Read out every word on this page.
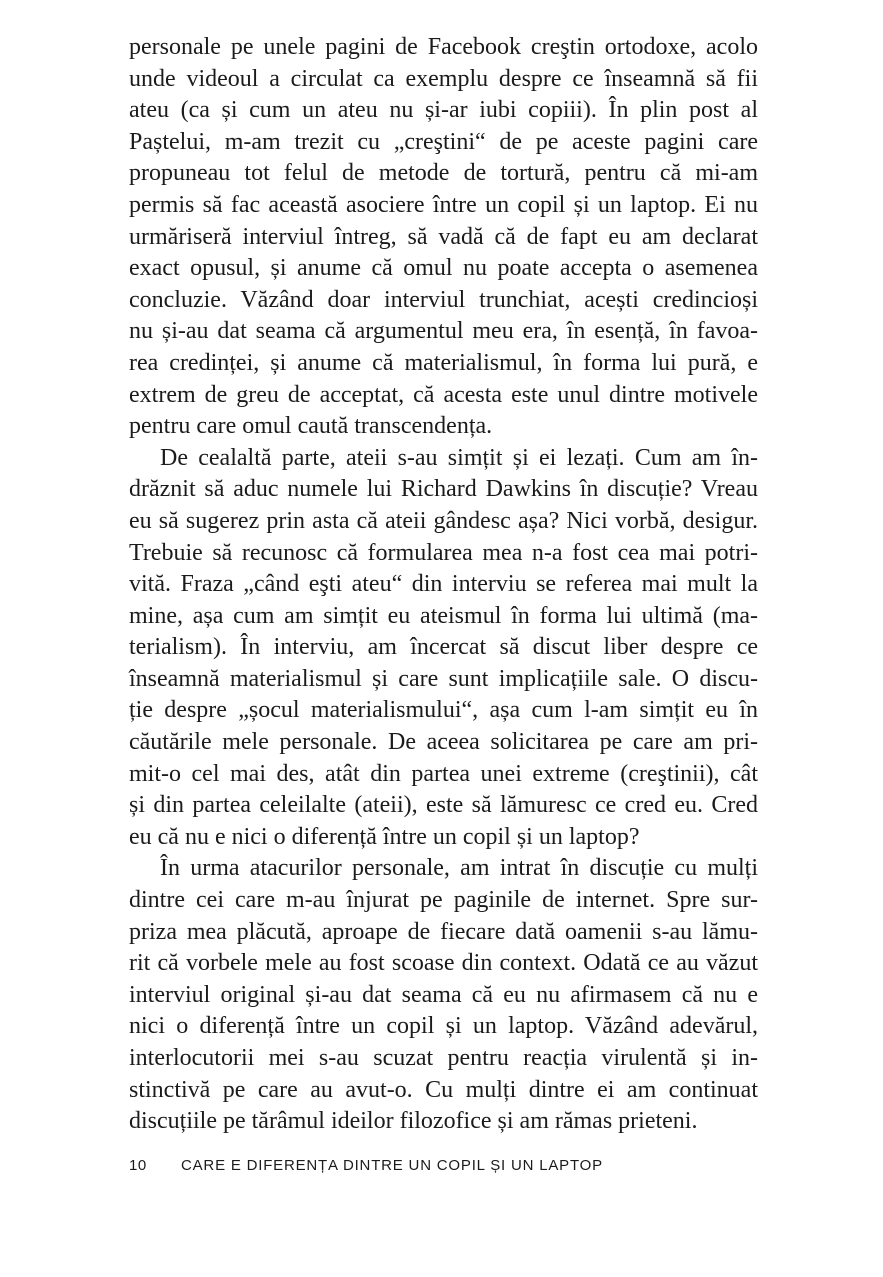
personale pe unele pagini de Facebook creştin ortodoxe, acolo
unde videoul a circulat ca exemplu despre ce înseamnă să fii
ateu (ca și cum un ateu nu și-ar iubi copiii). În plin post al
Paștelui, m-am trezit cu „creştini“ de pe aceste pagini care
propuneau tot felul de metode de tortură, pentru că mi-am
permis să fac această asociere între un copil și un laptop. Ei nu
urmăriseră interviul întreg, să vadă că de fapt eu am declarat
exact opusul, și anume că omul nu poate accepta o asemenea
concluzie. Văzând doar interviul trunchiat, acești credincioși
nu și-au dat seama că argumentul meu era, în esență, în favoa-
rea credinței, și anume că materialismul, în forma lui pură, e
extrem de greu de acceptat, că acesta este unul dintre motivele
pentru care omul caută transcendența.
De cealaltă parte, ateii s-au simțit și ei lezați. Cum am în-
drăznit să aduc numele lui Richard Dawkins în discuție? Vreau
eu să sugerez prin asta că ateii gândesc așa? Nici vorbă, desigur.
Trebuie să recunosc că formularea mea n-a fost cea mai potri-
vită. Fraza „când eşti ateu“ din interviu se referea mai mult la
mine, așa cum am simțit eu ateismul în forma lui ultimă (ma-
terialism). În interviu, am încercat să discut liber despre ce
înseamnă materialismul și care sunt implicațiile sale. O discu-
ție despre „șocul materialismului“, așa cum l-am simțit eu în
căutările mele personale. De aceea solicitarea pe care am pri-
mit-o cel mai des, atât din partea unei extreme (creştinii), cât
și din partea celeilalte (ateii), este să lămuresc ce cred eu. Cred
eu că nu e nici o diferență între un copil și un laptop?
În urma atacurilor personale, am intrat în discuție cu mulți
dintre cei care m-au înjurat pe paginile de internet. Spre sur-
priza mea plăcută, aproape de fiecare dată oamenii s-au lămu-
rit că vorbele mele au fost scoase din context. Odată ce au văzut
interviul original și-au dat seama că eu nu afirmasem că nu e
nici o diferență între un copil și un laptop. Văzând adevărul,
interlocutorii mei s-au scuzat pentru reacția virulentă și in-
stinctivă pe care au avut-o. Cu mulți dintre ei am continuat
discuțiile pe tărâmul ideilor filozofice și am rămas prieteni.
10 CARE E DIFERENȚA DINTRE UN COPIL ȘI UN LAPTOP
